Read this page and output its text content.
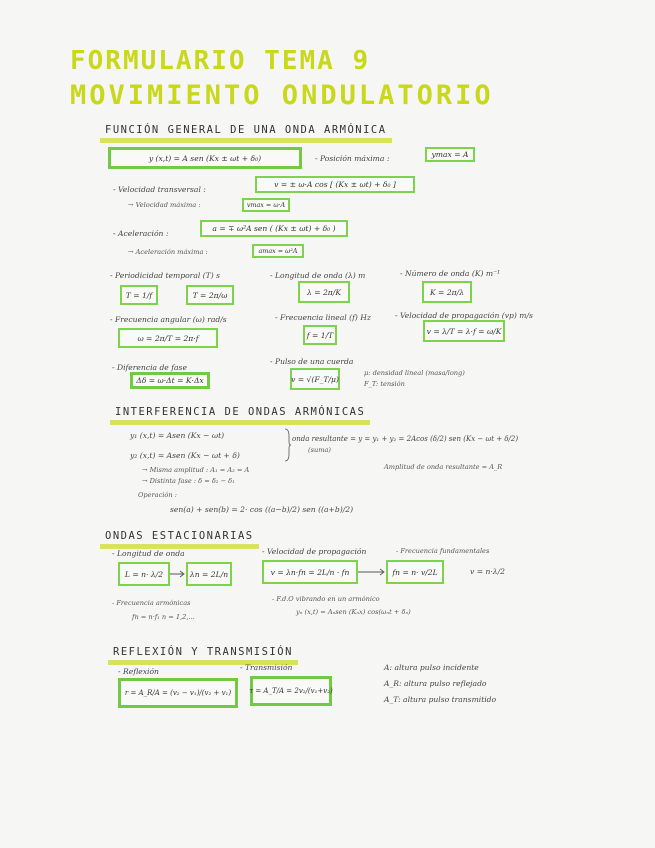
FORMULARIO TEMA 9
MOVIMIENTO ONDULATORIO
FUNCIÓN GENERAL DE UNA ONDA ARMÓNICA
y (x,t) = A sen (Kx ± ωt + δ₀)	- Posición máxima :	ymax = A
- Velocidad transversal :
v = ± ω·A cos [ (Kx ± ωt) + δ₀ ]
→ Velocidad máxima :	vmax = ω·A
- Aceleración :
a = ∓ ω²A sen ( (Kx ± ωt) + δ₀ )
→ Aceleración máxima :	amax = ω²A
- Periodicidad temporal (T) s
T = 1/f	T = 2π/ω
- Longitud de onda (λ) m
λ = 2π/K
- Número de onda (K) m⁻¹
K = 2π/λ
- Frecuencia angular (ω) rad/s
ω = 2π/T = 2π·f
- Frecuencia lineal (f) Hz
f = 1/T
- Velocidad de propagación (vp) m/s
v = λ/T = λ·f = ω/K
- Diferencia de fase
Δδ = ω·Δt = K·Δx
- Pulso de una cuerda
v = √(F_T/μ)
μ: densidad lineal (masa/long)
F_T: tensión
INTERFERENCIA DE ONDAS ARMÓNICAS
y₁ (x,t) = Asen (Kx − ωt)
y₂ (x,t) = Asen (Kx − ωt + δ)
→ Misma amplitud : A₁ = A₂ = A
→ Distinta fase : δ = δ₂ − δ₁
onda resultante = y = y₁ + y₂ = 2Acos (δ/2) sen (Kx − ωt + δ/2)
(suma)
Amplitud de onda resultante = A_R
Operación :
sen(a) + sen(b) = 2· cos ((a−b)/2) sen ((a+b)/2)
ONDAS ESTACIONARIAS
- Longitud de onda
L = n· λ/2	λn = 2L/n
- Velocidad de propagación	- Frecuencia fundamentales
v = λn·fn = 2L/n · fn	fn = n· v/2L	v = n·λ/2
- Frecuencia armónicas
fn = n·f₁ n = 1,2,...
- F.d.O vibrando en un armónico
yₙ (x,t) = Aₙsen (Kₙx) cos(ωₙt + δₙ)
REFLEXIÓN Y TRANSMISIÓN
- Reflexión
r = A_R/A = (v₂ − v₁)/(v₂ + v₁)
- Transmisión
τ = A_T/A = 2v₂/(v₁+v₂)
A: altura pulso incidente
A_R: altura pulso reflejado
A_T: altura pulso transmitido
